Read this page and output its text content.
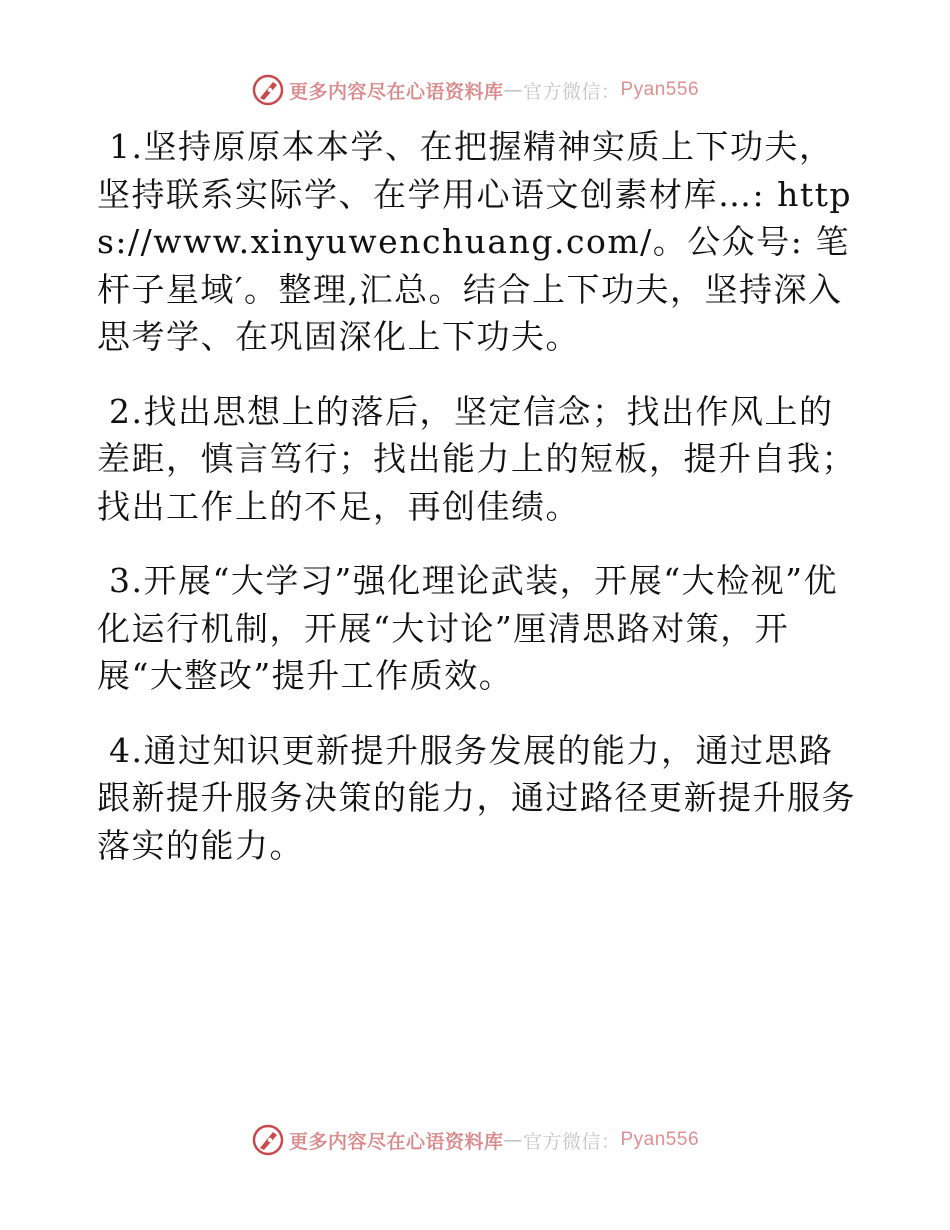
更多内容尽在心语资料库 — 官方微信： Pyan556

1.坚持原原本本学、在把握精神实质上下功夫，坚持联系实际学、在学用心语文创素材库…: https://www.xinyuwenchuang.com/。公众号: 笔杆子星域′。整理,汇总。结合上下功夫，坚持深入思考学、在巩固深化上下功夫。

2.找出思想上的落后，坚定信念；找出作风上的差距，慎言笃行；找出能力上的短板，提升自我；找出工作上的不足，再创佳绩。

3.开展“大学习”强化理论武装，开展“大检视”优化运行机制，开展“大讨论”厘清思路对策，开展“大整改”提升工作质效。

4.通过知识更新提升服务发展的能力，通过思路跟新提升服务决策的能力，通过路径更新提升服务落实的能力。

更多内容尽在心语资料库 — 官方微信： Pyan556
